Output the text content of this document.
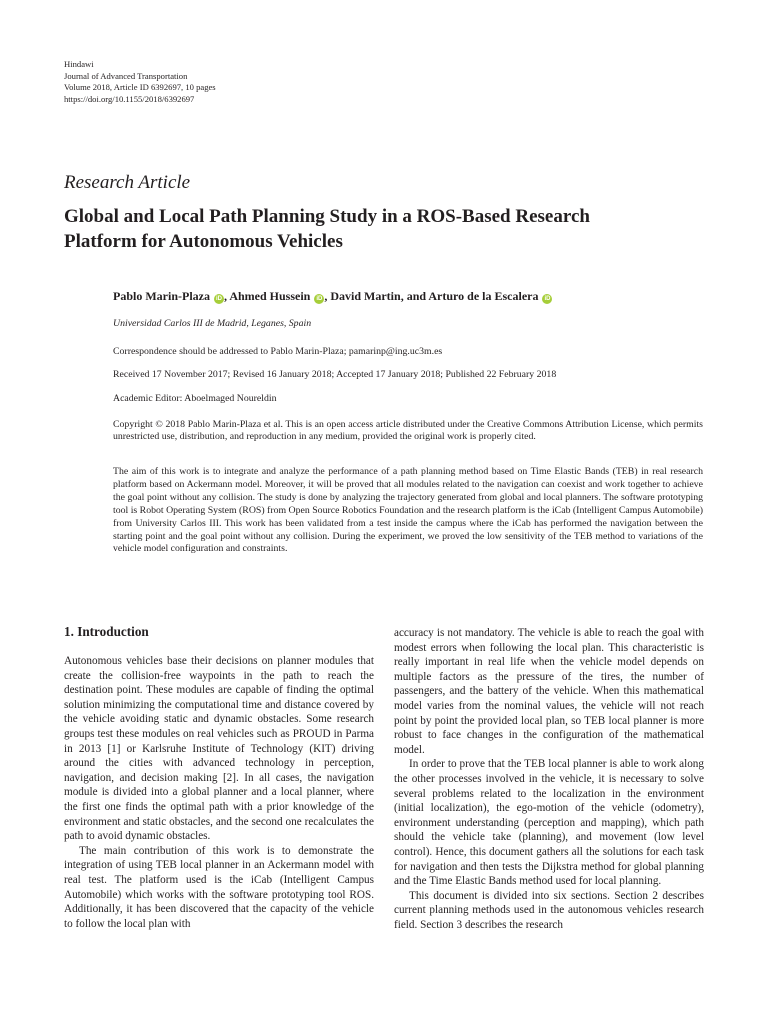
Hindawi
Journal of Advanced Transportation
Volume 2018, Article ID 6392697, 10 pages
https://doi.org/10.1155/2018/6392697
Research Article
Global and Local Path Planning Study in a ROS-Based Research
Platform for Autonomous Vehicles
Pablo Marin-Plaza iD , Ahmed Hussein iD , David Martin, and Arturo de la Escalera iD
Universidad Carlos III de Madrid, Leganes, Spain
Correspondence should be addressed to Pablo Marin-Plaza; pamarinp@ing.uc3m.es
Received 17 November 2017; Revised 16 January 2018; Accepted 17 January 2018; Published 22 February 2018
Academic Editor: Aboelmaged Noureldin
Copyright © 2018 Pablo Marin-Plaza et al. This is an open access article distributed under the Creative Commons Attribution License, which permits unrestricted use, distribution, and reproduction in any medium, provided the original work is properly cited.

The aim of this work is to integrate and analyze the performance of a path planning method based on Time Elastic Bands (TEB) in real research platform based on Ackermann model. Moreover, it will be proved that all modules related to the navigation can coexist and work together to achieve the goal point without any collision. The study is done by analyzing the trajectory generated from global and local planners. The software prototyping tool is Robot Operating System (ROS) from Open Source Robotics Foundation and the research platform is the iCab (Intelligent Campus Automobile) from University Carlos III. This work has been validated from a test inside the campus where the iCab has performed the navigation between the starting point and the goal point without any collision. During the experiment, we proved the low sensitivity of the TEB method to variations of the vehicle model configuration and constraints.

1. Introduction

Autonomous vehicles base their decisions on planner modules that create the collision-free waypoints in the path to reach the destination point. These modules are capable of finding the optimal solution minimizing the computational time and distance covered by the vehicle avoiding static and dynamic obstacles. Some research groups test these modules on real vehicles such as PROUD in Parma in 2013 [1] or Karlsruhe Institute of Technology (KIT) driving around the cities with advanced technology in perception, navigation, and decision making [2]. In all cases, the navigation module is divided into a global planner and a local planner, where the first one finds the optimal path with a prior knowledge of the environment and static obstacles, and the second one recalculates the path to avoid dynamic obstacles.

The main contribution of this work is to demonstrate the integration of using TEB local planner in an Ackermann model with real test. The platform used is the iCab (Intelligent Campus Automobile) which works with the software prototyping tool ROS. Additionally, it has been discovered that the capacity of the vehicle to follow the local plan with

accuracy is not mandatory. The vehicle is able to reach the goal with modest errors when following the local plan. This characteristic is really important in real life when the vehicle model depends on multiple factors as the pressure of the tires, the number of passengers, and the battery of the vehicle. When this mathematical model varies from the nominal values, the vehicle will not reach point by point the provided local plan, so TEB local planner is more robust to face changes in the configuration of the mathematical model.

In order to prove that the TEB local planner is able to work along the other processes involved in the vehicle, it is necessary to solve several problems related to the localization in the environment (initial localization), the ego-motion of the vehicle (odometry), environment understanding (perception and mapping), which path should the vehicle take (planning), and movement (low level control). Hence, this document gathers all the solutions for each task for navigation and then tests the Dijkstra method for global planning and the Time Elastic Bands method used for local planning.

This document is divided into six sections. Section 2 describes current planning methods used in the autonomous vehicles research field. Section 3 describes the research
